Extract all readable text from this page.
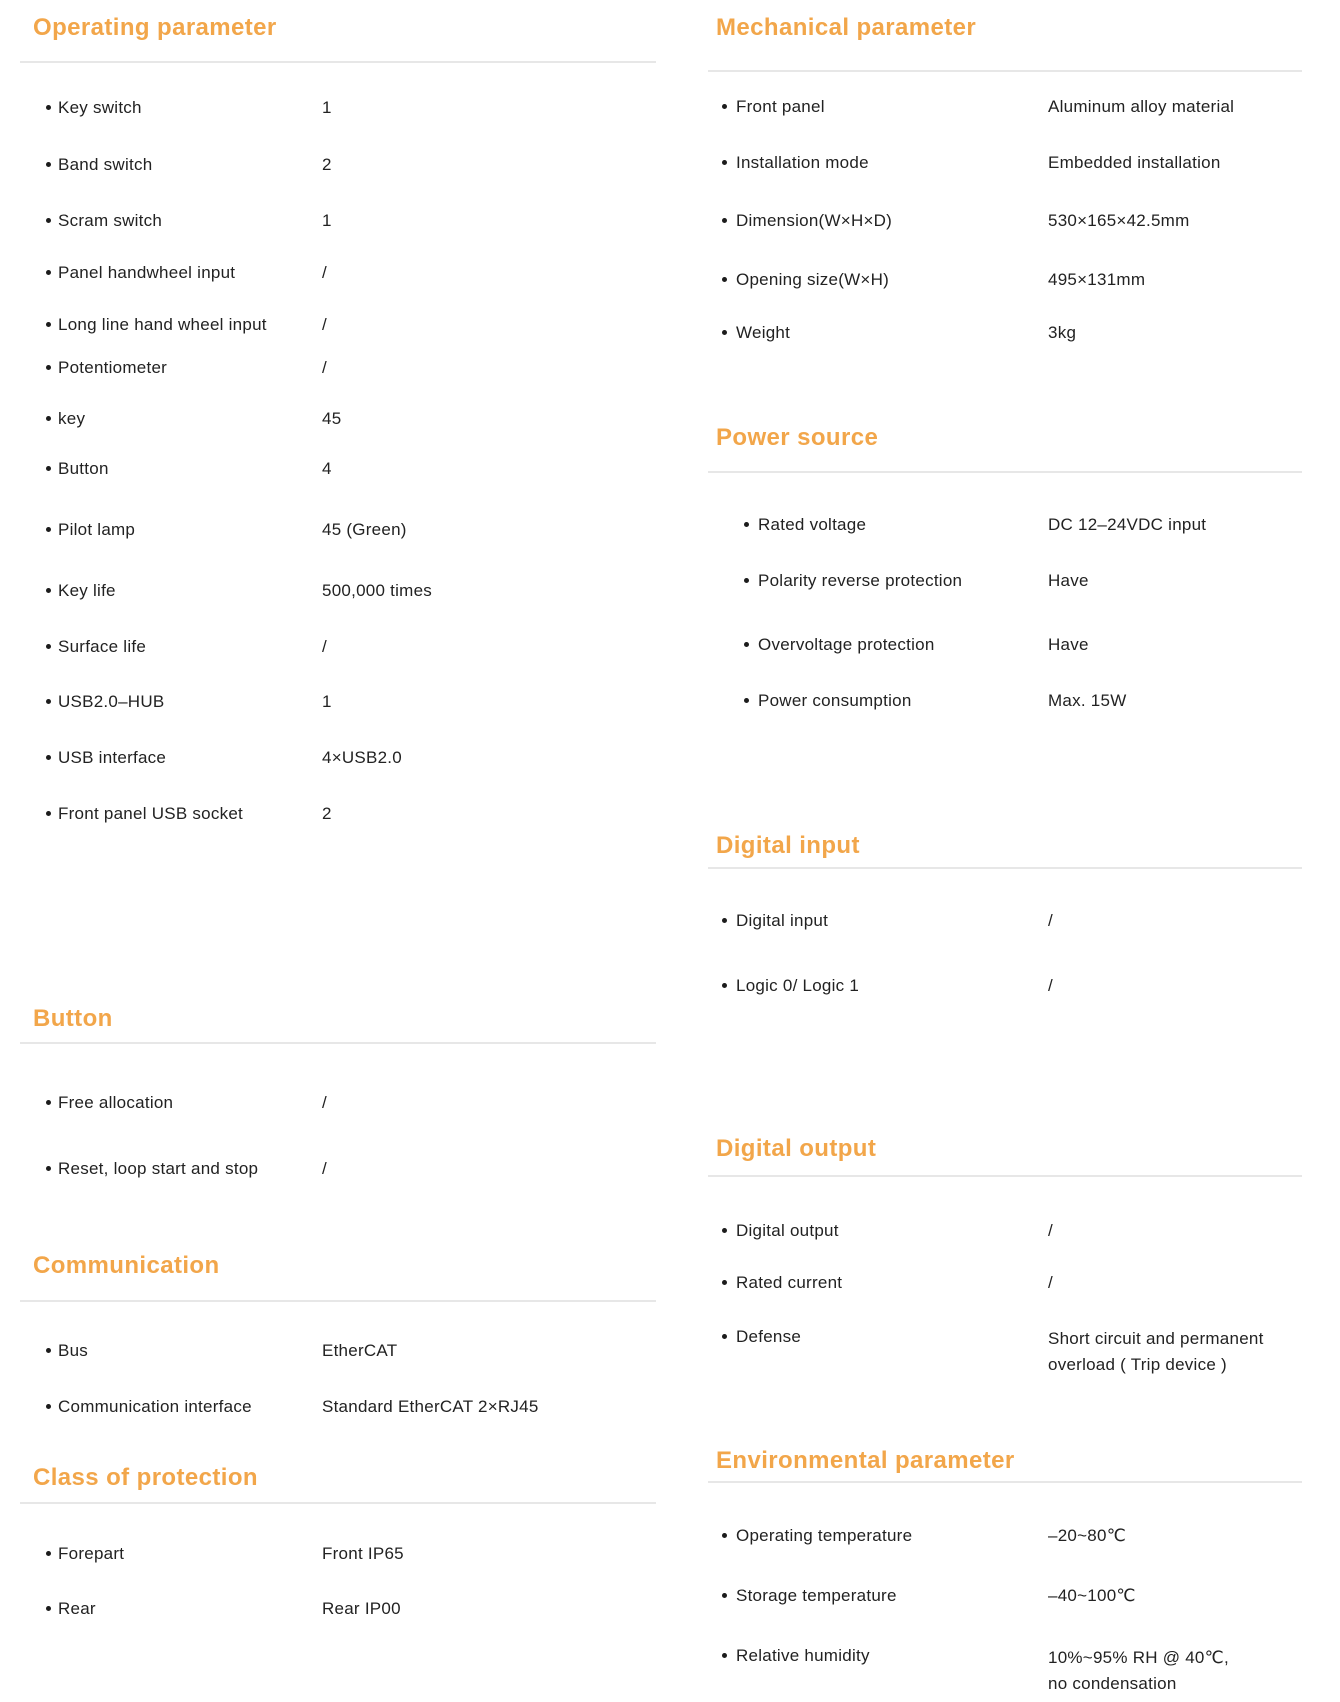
Operating parameter
Key switch	1
Band switch	2
Scram switch	1
Panel handwheel input	/
Long line hand wheel input	/
Potentiometer	/
key	45
Button	4
Pilot lamp	45 (Green)
Key life	500,000 times
Surface life	/
USB2.0–HUB	1
USB interface	4×USB2.0
Front panel USB socket	2
Button
Free allocation	/
Reset, loop start and stop	/
Communication
Bus	EtherCAT
Communication interface	Standard EtherCAT 2×RJ45
Class of protection
Forepart	Front IP65
Rear	Rear IP00
Mechanical parameter
Front panel	Aluminum alloy material
Installation mode	Embedded installation
Dimension(W×H×D)	530×165×42.5mm
Opening size(W×H)	495×131mm
Weight	3kg
Power source
Rated voltage	DC 12–24VDC input
Polarity reverse protection	Have
Overvoltage protection	Have
Power consumption	Max. 15W
Digital input
Digital input	/
Logic 0/ Logic 1	/
Digital output
Digital output	/
Rated current	/
Defense	Short circuit and permanent
overload ( Trip device )
Environmental parameter
Operating temperature	–20~80℃
Storage temperature	–40~100℃
Relative humidity	10%~95% RH @ 40℃,
no condensation
